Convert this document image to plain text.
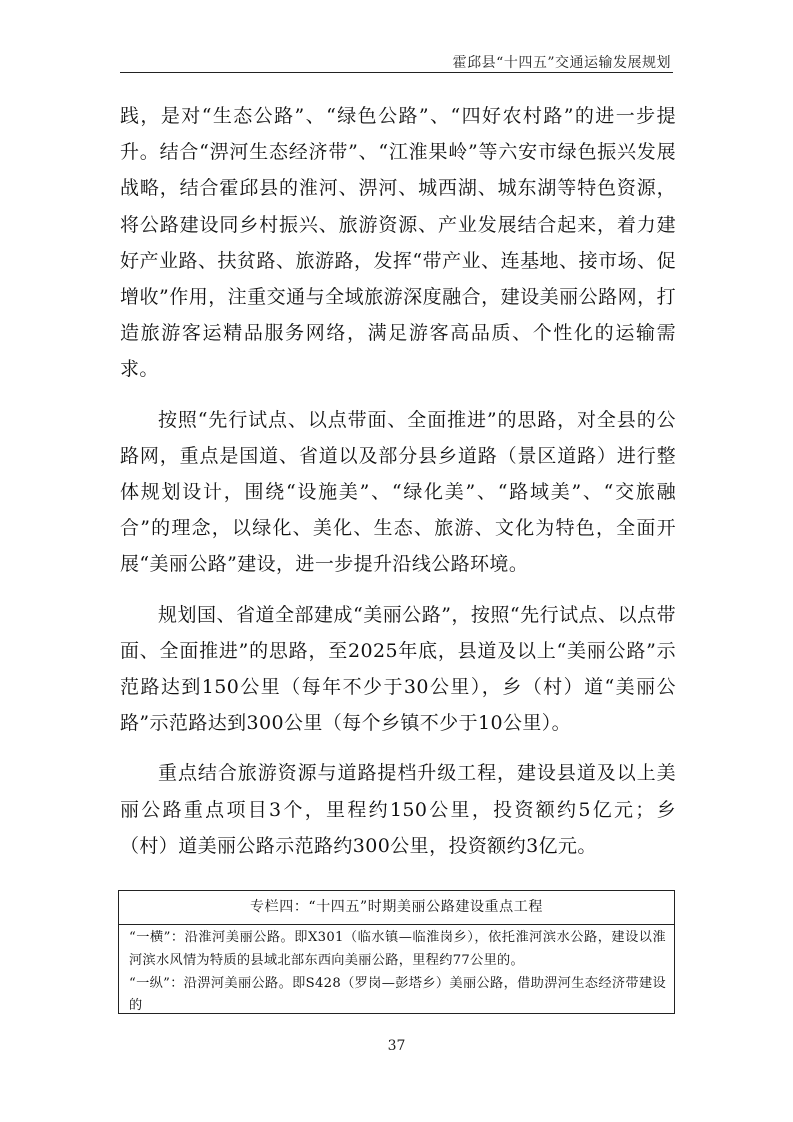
霍邱县“十四五”交通运输发展规划

践，是对“生态公路”、“绿色公路”、“四好农村路”的进一步提升。结合“淠河生态经济带”、“江淮果岭”等六安市绿色振兴发展战略，结合霍邱县的淮河、淠河、城西湖、城东湖等特色资源，将公路建设同乡村振兴、旅游资源、产业发展结合起来，着力建好产业路、扶贫路、旅游路，发挥“带产业、连基地、接市场、促增收”作用，注重交通与全域旅游深度融合，建设美丽公路网，打造旅游客运精品服务网络，满足游客高品质、个性化的运输需求。

按照“先行试点、以点带面、全面推进”的思路，对全县的公路网，重点是国道、省道以及部分县乡道路（景区道路）进行整体规划设计，围绕“设施美”、“绿化美”、“路域美”、“交旅融合”的理念，以绿化、美化、生态、旅游、文化为特色，全面开展“美丽公路”建设，进一步提升沿线公路环境。

规划国、省道全部建成“美丽公路”，按照“先行试点、以点带面、全面推进”的思路，至2025年底，县道及以上“美丽公路”示范路达到150公里（每年不少于30公里），乡（村）道“美丽公路”示范路达到300公里（每个乡镇不少于10公里）。

重点结合旅游资源与道路提档升级工程，建设县道及以上美丽公路重点项目3个，里程约150公里，投资额约5亿元；乡（村）道美丽公路示范路约300公里，投资额约3亿元。

专栏四：“十四五”时期美丽公路建设重点工程

“一横”：沿淮河美丽公路。即X301（临水镇—临淮岗乡），依托淮河滨水公路，建设以淮河滨水风情为特质的县域北部东西向美丽公路，里程约77公里的。

“一纵”：沿淠河美丽公路。即S428（罗岗—彭塔乡）美丽公路，借助淠河生态经济带建设的

37
